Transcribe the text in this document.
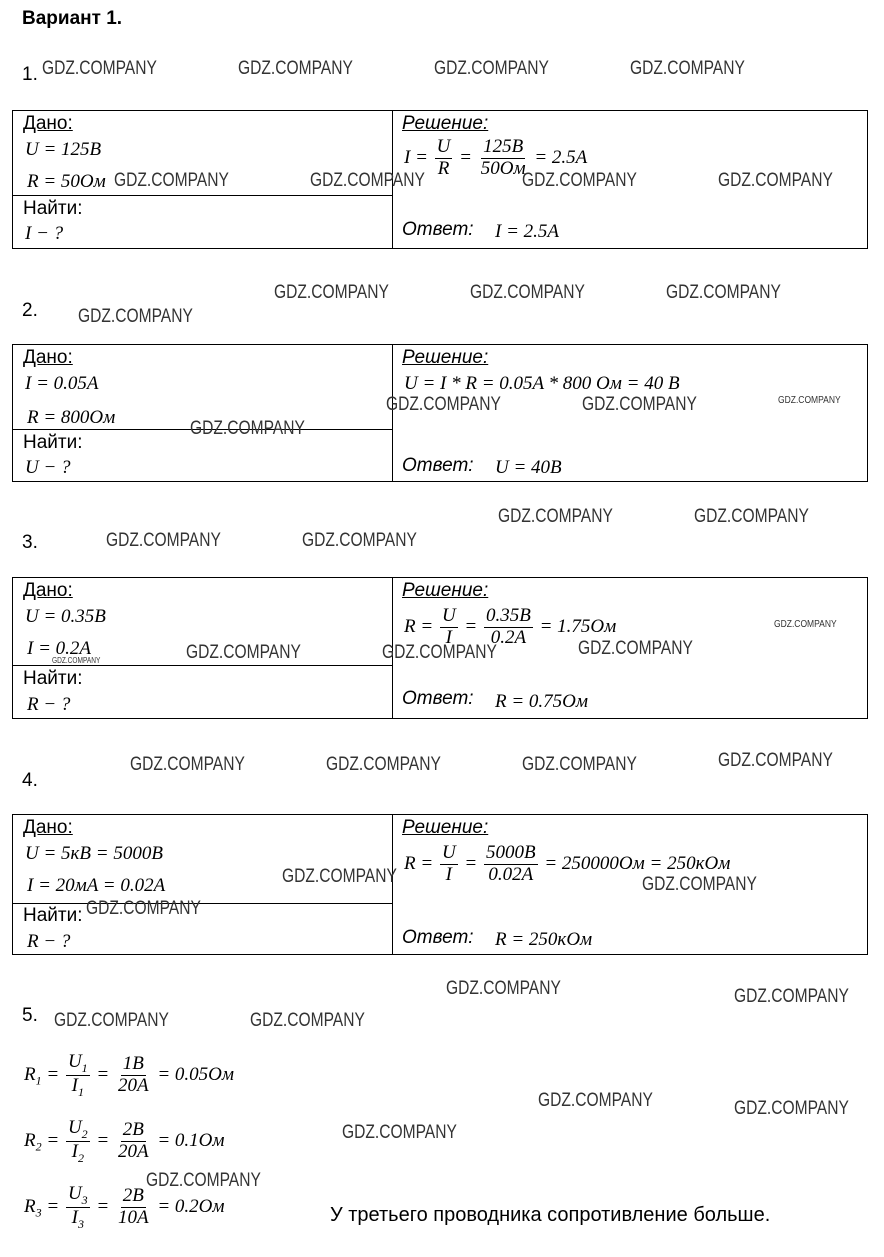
Вариант 1.
1.
Дано:
U = 125B
R = 50Ом
Найти:
I − ?
Решение:
$I = \frac{U}{R} = \frac{125B}{50Ом} = 2.5A$
Ответ: I = 2.5A
2.
Дано:
I = 0.05A
R = 800Ом
Найти:
U − ?
Решение:
U = I * R = 0.05A * 800 Ом = 40 В
Ответ: U = 40B
3.
Дано:
U = 0.35B
I = 0.2A
Найти:
R − ?
Решение:
$R = \frac{U}{I} = \frac{0.35B}{0.2A} = 1.75Ом$
Ответ: R = 0.75Ом
4.
Дано:
U = 5кB = 5000B
I = 20мA = 0.02A
Найти:
R − ?
Решение:
$R = \frac{U}{I} = \frac{5000B}{0.02A} = 250000Ом = 250кОм$
Ответ: R = 250кОм
5.
$R_1 = \frac{U_1}{I_1} = \frac{1B}{20A} = 0.05Ом$
$R_2 = \frac{U_2}{I_2} = \frac{2B}{20A} = 0.1Ом$
$R_3 = \frac{U_3}{I_3} = \frac{2B}{10A} = 0.2Ом$	У третьего проводника сопротивление больше.
GDZ.COMPANY	GDZ.COMPANY	GDZ.COMPANY	GDZ.COMPANY
GDZ.COMPANY	GDZ.COMPANY	GDZ.COMPANY	GDZ.COMPANY
GDZ.COMPANY	GDZ.COMPANY	GDZ.COMPANY
GDZ.COMPANY
GDZ.COMPANY	GDZ.COMPANY	GDZ.COMPANY
GDZ.COMPANY
GDZ.COMPANY	GDZ.COMPANY
GDZ.COMPANY	GDZ.COMPANY
GDZ.COMPANY
GDZ.COMPANY
GDZ.COMPANY	GDZ.COMPANY
GDZ.COMPANY
GDZ.COMPANY
GDZ.COMPANY	GDZ.COMPANY	GDZ.COMPANY
GDZ.COMPANY	GDZ.COMPANY
GDZ.COMPANY
GDZ.COMPANY	GDZ.COMPANY
GDZ.COMPANY	GDZ.COMPANY
GDZ.COMPANY	GDZ.COMPANY
GDZ.COMPANY
GDZ.COMPANY
